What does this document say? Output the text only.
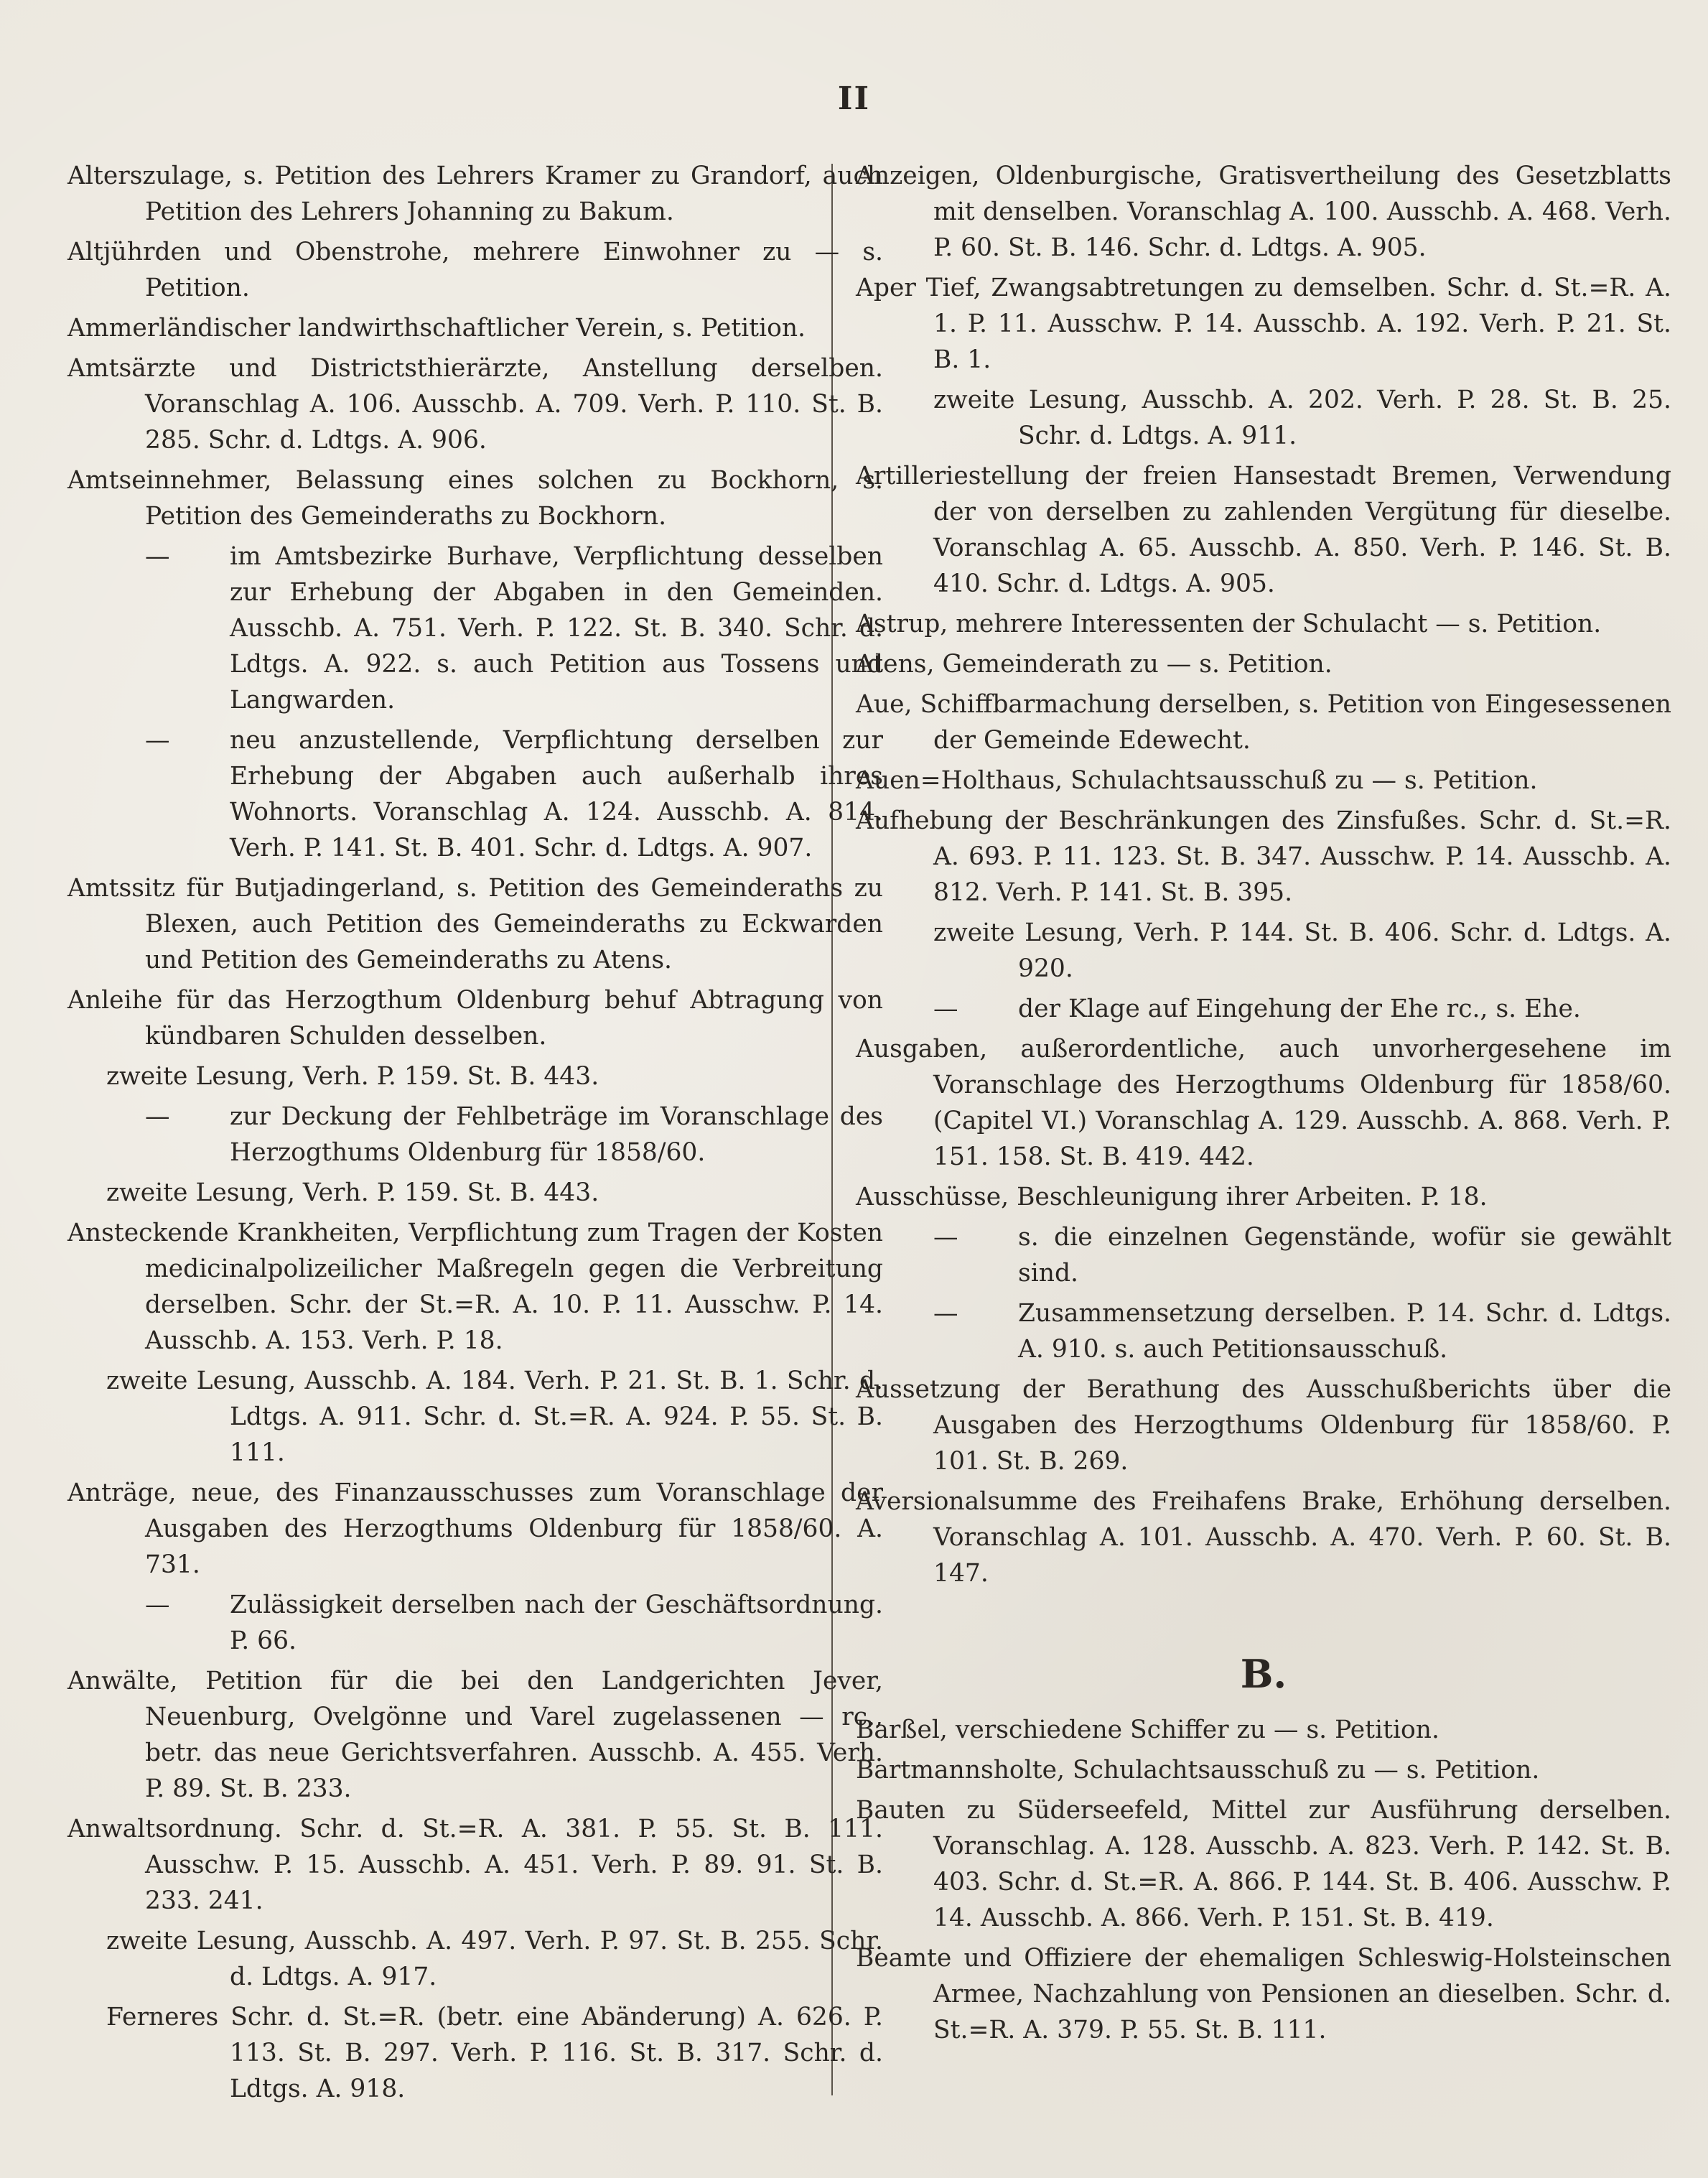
II
Alterszulage, s. Petition des Lehrers Kramer zu Grandorf, auch Petition des Lehrers Johanning zu Bakum.
Altjührden und Obenstrohe, mehrere Einwohner zu — s. Petition.
Ammerländischer landwirthschaftlicher Verein, s. Petition.
Amtsärzte und Districtsthierärzte, Anstellung derselben. Voranschlag A. 106. Ausschb. A. 709. Verh. P. 110. St. B. 285. Schr. d. Ldtgs. A. 906.
Amtseinnehmer, Belassung eines solchen zu Bockhorn, s. Petition des Gemeinderaths zu Bockhorn.
— im Amtsbezirke Burhave, Verpflichtung desselben zur Erhebung der Abgaben in den Gemeinden. Ausschb. A. 751. Verh. P. 122. St. B. 340. Schr. d. Ldtgs. A. 922. s. auch Petition aus Tossens und Langwarden.
— neu anzustellende, Verpflichtung derselben zur Erhebung der Abgaben auch außerhalb ihres Wohnorts. Voranschlag A. 124. Ausschb. A. 814. Verh. P. 141. St. B. 401. Schr. d. Ldtgs. A. 907.
Amtssitz für Butjadingerland, s. Petition des Gemeinderaths zu Blexen, auch Petition des Gemeinderaths zu Eckwarden und Petition des Gemeinderaths zu Atens.
Anleihe für das Herzogthum Oldenburg behuf Abtragung von kündbaren Schulden desselben.
zweite Lesung, Verh. P. 159. St. B. 443.
— zur Deckung der Fehlbeträge im Voranschlage des Herzogthums Oldenburg für 1858/60.
zweite Lesung, Verh. P. 159. St. B. 443.
Ansteckende Krankheiten, Verpflichtung zum Tragen der Kosten medicinalpolizeilicher Maßregeln gegen die Verbreitung derselben. Schr. der St.=R. A. 10. P. 11. Ausschw. P. 14. Ausschb. A. 153. Verh. P. 18.
zweite Lesung, Ausschb. A. 184. Verh. P. 21. St. B. 1. Schr. d. Ldtgs. A. 911. Schr. d. St.=R. A. 924. P. 55. St. B. 111.
Anträge, neue, des Finanzausschusses zum Voranschlage der Ausgaben des Herzogthums Oldenburg für 1858/60. A. 731.
— Zulässigkeit derselben nach der Geschäftsordnung. P. 66.
Anwälte, Petition für die bei den Landgerichten Jever, Neuenburg, Ovelgönne und Varel zugelassenen — rc., betr. das neue Gerichtsverfahren. Ausschb. A. 455. Verh. P. 89. St. B. 233.
Anwaltsordnung. Schr. d. St.=R. A. 381. P. 55. St. B. 111. Ausschw. P. 15. Ausschb. A. 451. Verh. P. 89. 91. St. B. 233. 241.
zweite Lesung, Ausschb. A. 497. Verh. P. 97. St. B. 255. Schr. d. Ldtgs. A. 917.
Ferneres Schr. d. St.=R. (betr. eine Abänderung) A. 626. P. 113. St. B. 297. Verh. P. 116. St. B. 317. Schr. d. Ldtgs. A. 918.
Anzeigen, Oldenburgische, Gratisvertheilung des Gesetzblatts mit denselben. Voranschlag A. 100. Ausschb. A. 468. Verh. P. 60. St. B. 146. Schr. d. Ldtgs. A. 905.
Aper Tief, Zwangsabtretungen zu demselben. Schr. d. St.=R. A. 1. P. 11. Ausschw. P. 14. Ausschb. A. 192. Verh. P. 21. St. B. 1.
zweite Lesung, Ausschb. A. 202. Verh. P. 28. St. B. 25. Schr. d. Ldtgs. A. 911.
Artilleriestellung der freien Hansestadt Bremen, Verwendung der von derselben zu zahlenden Vergütung für dieselbe. Voranschlag A. 65. Ausschb. A. 850. Verh. P. 146. St. B. 410. Schr. d. Ldtgs. A. 905.
Astrup, mehrere Interessenten der Schulacht — s. Petition.
Atens, Gemeinderath zu — s. Petition.
Aue, Schiffbarmachung derselben, s. Petition von Eingesessenen der Gemeinde Edewecht.
Auen=Holthaus, Schulachtsausschuß zu — s. Petition.
Aufhebung der Beschränkungen des Zinsfußes. Schr. d. St.=R. A. 693. P. 11. 123. St. B. 347. Ausschw. P. 14. Ausschb. A. 812. Verh. P. 141. St. B. 395.
zweite Lesung, Verh. P. 144. St. B. 406. Schr. d. Ldtgs. A. 920.
— der Klage auf Eingehung der Ehe rc., s. Ehe.
Ausgaben, außerordentliche, auch unvorhergesehene im Voranschlage des Herzogthums Oldenburg für 1858/60. (Capitel VI.) Voranschlag A. 129. Ausschb. A. 868. Verh. P. 151. 158. St. B. 419. 442.
Ausschüsse, Beschleunigung ihrer Arbeiten. P. 18.
— s. die einzelnen Gegenstände, wofür sie gewählt sind.
— Zusammensetzung derselben. P. 14. Schr. d. Ldtgs. A. 910. s. auch Petitionsausschuß.
Aussetzung der Berathung des Ausschußberichts über die Ausgaben des Herzogthums Oldenburg für 1858/60. P. 101. St. B. 269.
Aversionalsumme des Freihafens Brake, Erhöhung derselben. Voranschlag A. 101. Ausschb. A. 470. Verh. P. 60. St. B. 147.
B.
Barßel, verschiedene Schiffer zu — s. Petition.
Bartmannsholte, Schulachtsausschuß zu — s. Petition.
Bauten zu Süderseefeld, Mittel zur Ausführung derselben. Voranschlag. A. 128. Ausschb. A. 823. Verh. P. 142. St. B. 403. Schr. d. St.=R. A. 866. P. 144. St. B. 406. Ausschw. P. 14. Ausschb. A. 866. Verh. P. 151. St. B. 419.
Beamte und Offiziere der ehemaligen Schleswig-Holsteinschen Armee, Nachzahlung von Pensionen an dieselben. Schr. d. St.=R. A. 379. P. 55. St. B. 111.
